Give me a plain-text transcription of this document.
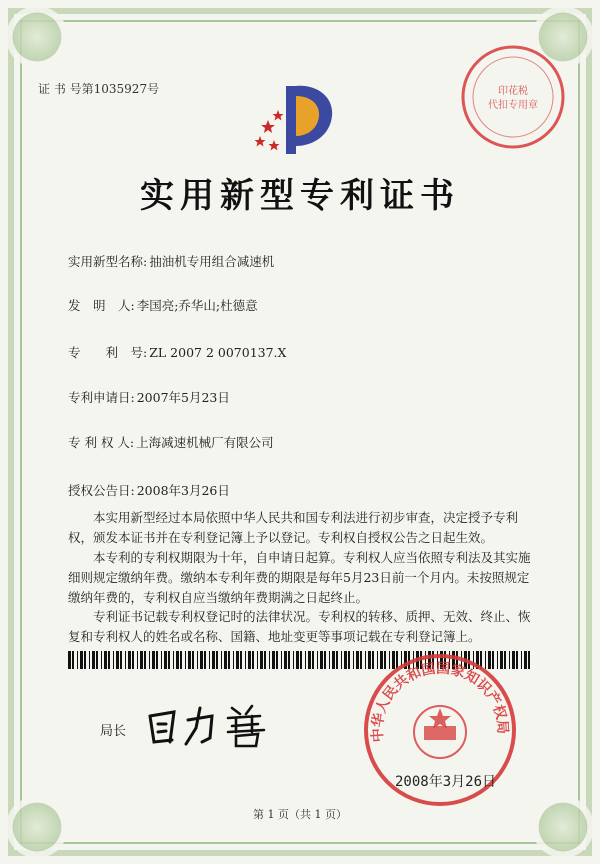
证 书 号第1035927号	印花税
代扣专用章
实用新型专利证书
实用新型名称: 抽油机专用组合减速机
发　明　人: 李国亮;乔华山;杜德意
专　　利　号: ZL 2007 2 0070137.X
专利申请日: 2007年5月23日
专 利 权 人: 上海减速机械厂有限公司
授权公告日: 2008年3月26日
本实用新型经过本局依照中华人民共和国专利法进行初步审查，决定授予专利权，颁发本证书并在专利登记簿上予以登记。专利权自授权公告之日起生效。
本专利的专利权期限为十年，自申请日起算。专利权人应当依照专利法及其实施细则规定缴纳年费。缴纳本专利年费的期限是每年5月23日前一个月内。未按照规定缴纳年费的，专利权自应当缴纳年费期满之日起终止。
专利证书记载专利权登记时的法律状况。专利权的转移、质押、无效、终止、恢复和专利权人的姓名或名称、国籍、地址变更等事项记载在专利登记簿上。
局长	中华人民共和国国家知识产权局
2008年3月26日
第 1 页（共 1 页）
